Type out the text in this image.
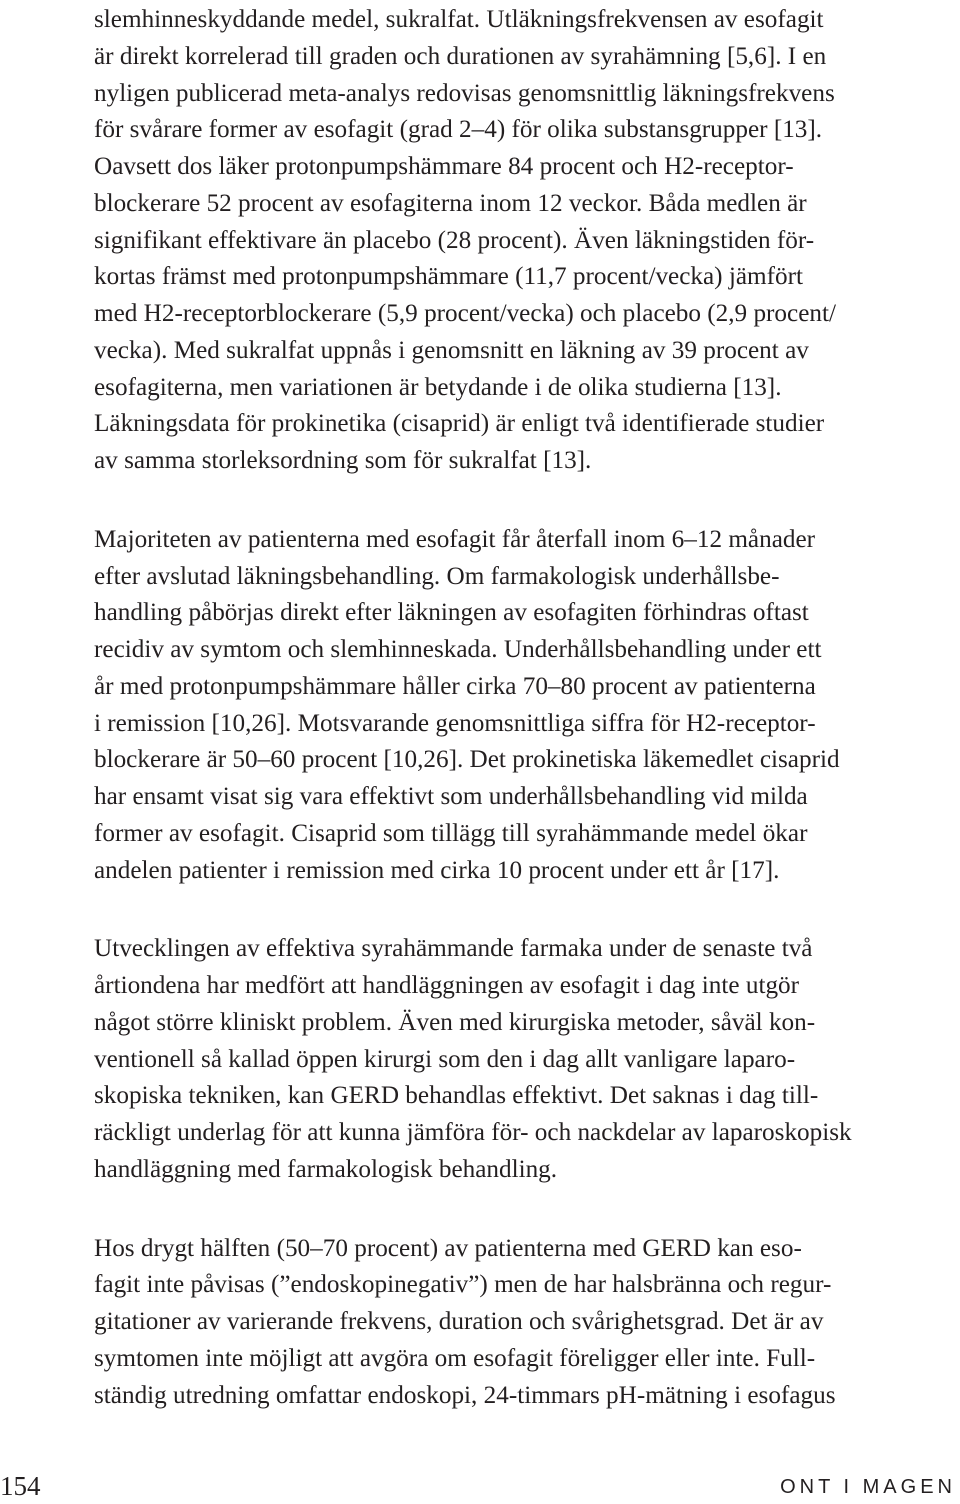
slemhinneskyddande medel, sukralfat. Utläkningsfrekvensen av esofagit
är direkt korrelerad till graden och durationen av syrahämning [5,6]. I en
nyligen publicerad meta-analys redovisas genomsnittlig läkningsfrekvens
för svårare former av esofagit (grad 2–4) för olika substansgrupper [13].
Oavsett dos läker protonpumpshämmare 84 procent och H2-receptor-
blockerare 52 procent av esofagiterna inom 12 veckor. Båda medlen är
signifikant effektivare än placebo (28 procent). Även läkningstiden för-
kortas främst med protonpumpshämmare (11,7 procent/vecka) jämfört
med H2-receptorblockerare (5,9 procent/vecka) och placebo (2,9 procent/
vecka). Med sukralfat uppnås i genomsnitt en läkning av 39 procent av
esofagiterna, men variationen är betydande i de olika studierna [13].
Läkningsdata för prokinetika (cisaprid) är enligt två identifierade studier
av samma storleksordning som för sukralfat [13].

Majoriteten av patienterna med esofagit får återfall inom 6–12 månader
efter avslutad läkningsbehandling. Om farmakologisk underhållsbe-
handling påbörjas direkt efter läkningen av esofagiten förhindras oftast
recidiv av symtom och slemhinneskada. Underhållsbehandling under ett
år med protonpumpshämmare håller cirka 70–80 procent av patienterna
i remission [10,26]. Motsvarande genomsnittliga siffra för H2-receptor-
blockerare är 50–60 procent [10,26]. Det prokinetiska läkemedlet cisaprid
har ensamt visat sig vara effektivt som underhållsbehandling vid milda
former av esofagit. Cisaprid som tillägg till syrahämmande medel ökar
andelen patienter i remission med cirka 10 procent under ett år [17].

Utvecklingen av effektiva syrahämmande farmaka under de senaste två
årtiondena har medfört att handläggningen av esofagit i dag inte utgör
något större kliniskt problem. Även med kirurgiska metoder, såväl kon-
ventionell så kallad öppen kirurgi som den i dag allt vanligare laparo-
skopiska tekniken, kan GERD behandlas effektivt. Det saknas i dag till-
räckligt underlag för att kunna jämföra för- och nackdelar av laparoskopisk
handläggning med farmakologisk behandling.

Hos drygt hälften (50–70 procent) av patienterna med GERD kan eso-
fagit inte påvisas (”endoskopinegativ”) men de har halsbränna och regur-
gitationer av varierande frekvens, duration och svårighetsgrad. Det är av
symtomen inte möjligt att avgöra om esofagit föreligger eller inte. Full-
ständig utredning omfattar endoskopi, 24-timmars pH-mätning i esofagus

154	ONT I MAGEN
